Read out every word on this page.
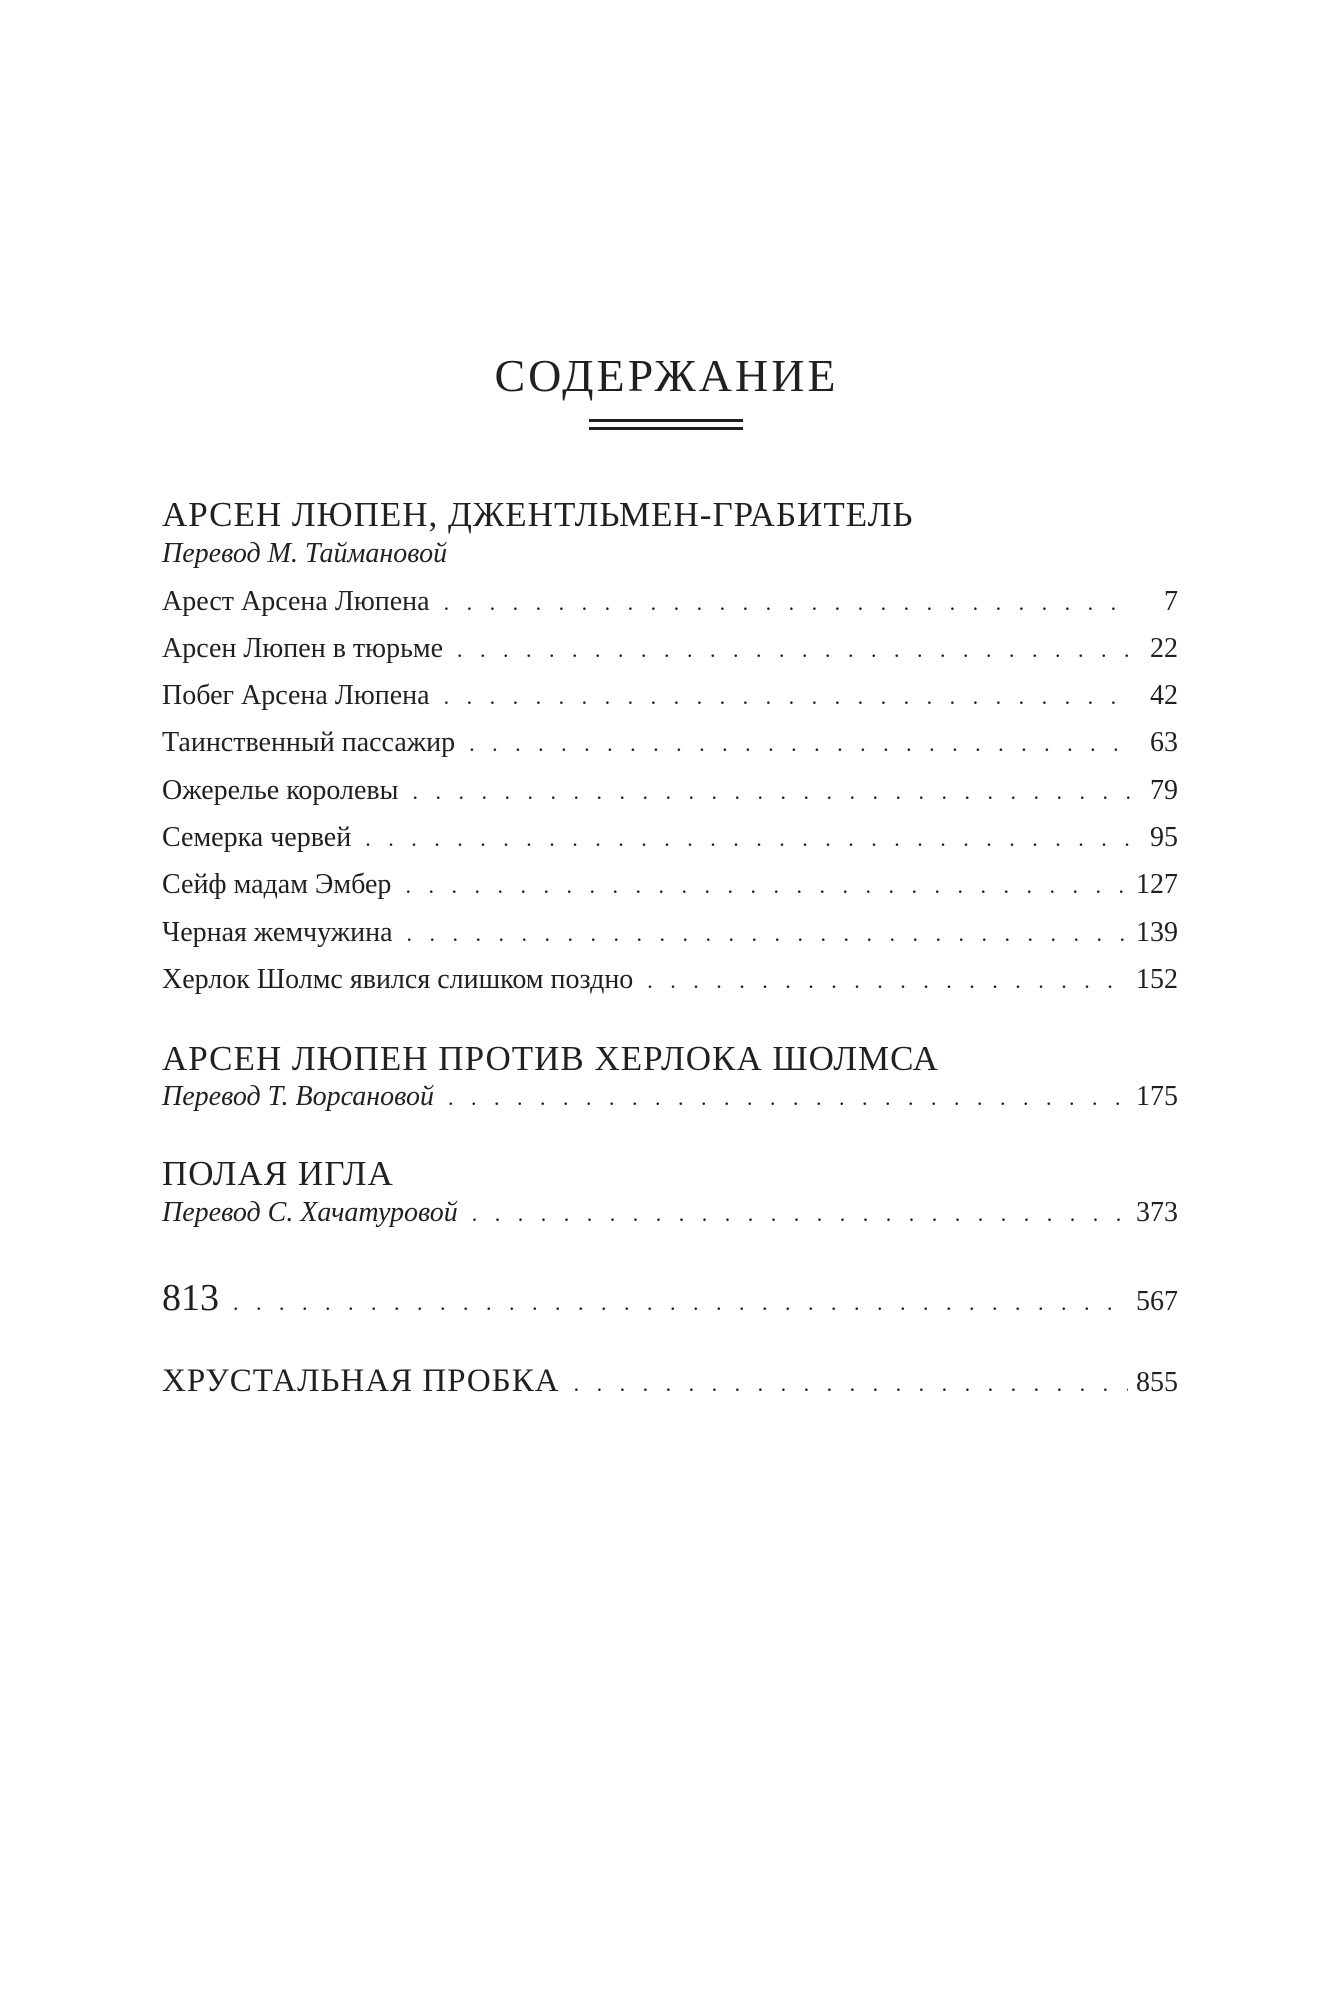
СОДЕРЖАНИЕ
АРСЕН ЛЮПЕН, ДЖЕНТЛЬМЕН-ГРАБИТЕЛЬ
Перевод М. Таймановой
Арест Арсена Люпена . . .	7
Арсен Люпен в тюрьме . . .	22
Побег Арсена Люпена . . .	42
Таинственный пассажир . . .	63
Ожерелье королевы . . .	79
Семерка червей . . .	95
Сейф мадам Эмбер . . .	127
Черная жемчужина . . .	139
Херлок Шолмс явился слишком поздно . . .	152
АРСЕН ЛЮПЕН ПРОТИВ ХЕРЛОКА ШОЛМСА
Перевод Т. Ворсановой . . .	175
ПОЛАЯ ИГЛА
Перевод С. Хачатуровой . . .	373
813 . . .	567
ХРУСТАЛЬНАЯ ПРОБКА . . .	855
